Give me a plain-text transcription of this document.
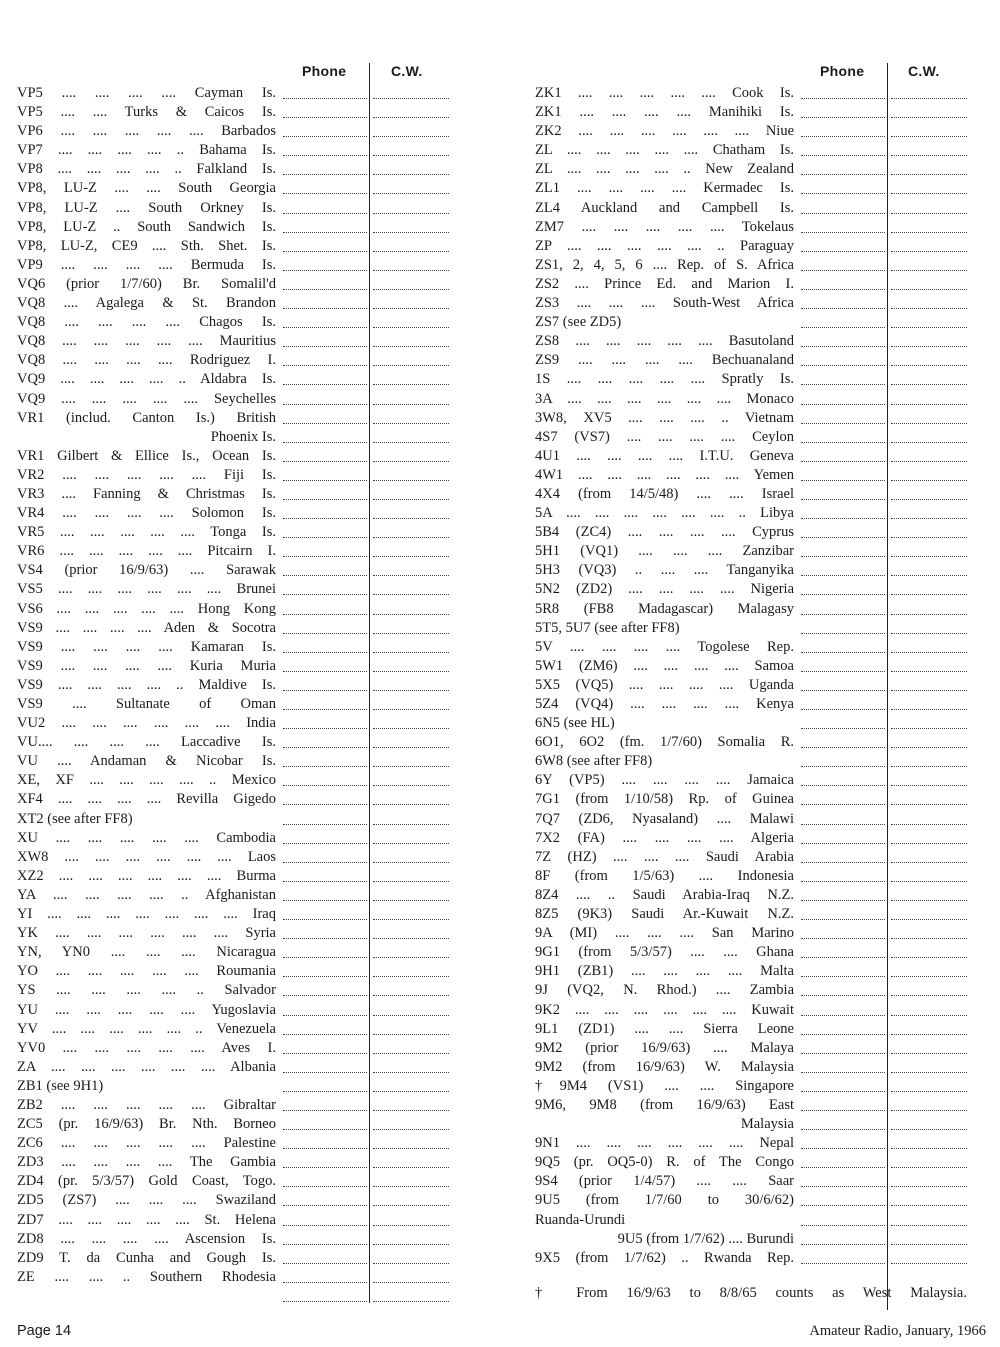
Phone	C.W.
VP5 .... .... .... .... Cayman Is.
VP5 .... .... Turks & Caicos Is.
VP6 .... .... .... .... .... Barbados
VP7 .... .... .... .... .. Bahama Is.
VP8 .... .... .... .... .. Falkland Is.
VP8, LU-Z .... .... South Georgia
VP8, LU-Z .... South Orkney Is.
VP8, LU-Z .. South Sandwich Is.
VP8, LU-Z, CE9 .... Sth. Shet. Is.
VP9 .... .... .... .... Bermuda Is.
VQ6 (prior 1/7/60) Br. Somalil'd
VQ8 .... Agalega & St. Brandon
VQ8 .... .... .... .... Chagos Is.
VQ8 .... .... .... .... .... Mauritius
VQ8 .... .... .... .... Rodriguez I.
VQ9 .... .... .... .... .. Aldabra Is.
VQ9 .... .... .... .... .... Seychelles
VR1 (includ. Canton Is.) British
Phoenix Is.
VR1 Gilbert & Ellice Is., Ocean Is.
VR2 .... .... .... .... .... Fiji Is.
VR3 .... Fanning & Christmas Is.
VR4 .... .... .... .... Solomon Is.
VR5 .... .... .... .... .... Tonga Is.
VR6 .... .... .... .... .... Pitcairn I.
VS4 (prior 16/9/63) .... Sarawak
VS5 .... .... .... .... .... .... Brunei
VS6 .... .... .... .... .... Hong Kong
VS9 .... .... .... .... Aden & Socotra
VS9 .... .... .... .... Kamaran Is.
VS9 .... .... .... .... Kuria Muria
VS9 .... .... .... .... .. Maldive Is.
VS9 .... Sultanate of Oman
VU2 .... .... .... .... .... .... India
VU.... .... .... .... Laccadive Is.
VU .... Andaman & Nicobar Is.
XE, XF .... .... .... .... .. Mexico
XF4 .... .... .... .... Revilla Gigedo
XT2 (see after FF8)
XU .... .... .... .... .... Cambodia
XW8 .... .... .... .... .... .... Laos
XZ2 .... .... .... .... .... .... Burma
YA .... .... .... .... .. Afghanistan
YI .... .... .... .... .... .... .... Iraq
YK .... .... .... .... .... .... Syria
YN, YN0 .... .... .... Nicaragua
YO .... .... .... .... .... Roumania
YS .... .... .... .... .. Salvador
YU .... .... .... .... .... Yugoslavia
YV .... .... .... .... .... .. Venezuela
YV0 .... .... .... .... .... Aves I.
ZA .... .... .... .... .... .... Albania
ZB1 (see 9H1)
ZB2 .... .... .... .... .... Gibraltar
ZC5 (pr. 16/9/63) Br. Nth. Borneo
ZC6 .... .... .... .... .... Palestine
ZD3 .... .... .... .... The Gambia
ZD4 (pr. 5/3/57) Gold Coast, Togo.
ZD5 (ZS7) .... .... .... Swaziland
ZD7 .... .... .... .... .... St. Helena
ZD8 .... .... .... .... Ascension Is.
ZD9 T. da Cunha and Gough Is.
ZE .... .... .. Southern Rhodesia
Phone	C.W.
ZK1 .... .... .... .... .... Cook Is.
ZK1 .... .... .... .... Manihiki Is.
ZK2 .... .... .... .... .... .... Niue
ZL .... .... .... .... .... Chatham Is.
ZL .... .... .... .... .. New Zealand
ZL1 .... .... .... .... Kermadec Is.
ZL4 Auckland and Campbell Is.
ZM7 .... .... .... .... .... Tokelaus
ZP .... .... .... .... .... .. Paraguay
ZS1, 2, 4, 5, 6 .... Rep. of S. Africa
ZS2 .... Prince Ed. and Marion I.
ZS3 .... .... .... South-West Africa
ZS7 (see ZD5)
ZS8 .... .... .... .... .... Basutoland
ZS9 .... .... .... .... Bechuanaland
1S .... .... .... .... .... Spratly Is.
3A .... .... .... .... .... .... Monaco
3W8, XV5 .... .... .... .. Vietnam
4S7 (VS7) .... .... .... .... Ceylon
4U1 .... .... .... .... I.T.U. Geneva
4W1 .... .... .... .... .... .... Yemen
4X4 (from 14/5/48) .... .... Israel
5A .... .... .... .... .... .... .. Libya
5B4 (ZC4) .... .... .... .... Cyprus
5H1 (VQ1) .... .... .... Zanzibar
5H3 (VQ3) .. .... .... Tanganyika
5N2 (ZD2) .... .... .... .... Nigeria
5R8 (FB8 Madagascar) Malagasy
5T5, 5U7 (see after FF8)
5V .... .... .... .... Togolese Rep.
5W1 (ZM6) .... .... .... .... Samoa
5X5 (VQ5) .... .... .... .... Uganda
5Z4 (VQ4) .... .... .... .... Kenya
6N5 (see HL)
6O1, 6O2 (fm. 1/7/60) Somalia R.
6W8 (see after FF8)
6Y (VP5) .... .... .... .... Jamaica
7G1 (from 1/10/58) Rp. of Guinea
7Q7 (ZD6, Nyasaland) .... Malawi
7X2 (FA) .... .... .... .... Algeria
7Z (HZ) .... .... .... Saudi Arabia
8F (from 1/5/63) .... Indonesia
8Z4 .... .. Saudi Arabia-Iraq N.Z.
8Z5 (9K3) Saudi Ar.-Kuwait N.Z.
9A (MI) .... .... .... San Marino
9G1 (from 5/3/57) .... .... Ghana
9H1 (ZB1) .... .... .... .... Malta
9J (VQ2, N. Rhod.) .... Zambia
9K2 .... .... .... .... .... .... Kuwait
9L1 (ZD1) .... .... Sierra Leone
9M2 (prior 16/9/63) .... Malaya
9M2 (from 16/9/63) W. Malaysia
†9M4 (VS1) .... .... Singapore
9M6, 9M8 (from 16/9/63) East
Malaysia
9N1 .... .... .... .... .... .... Nepal
9Q5 (pr. OQ5-0) R. of The Congo
9S4 (prior 1/4/57) .... .... Saar
9U5 (from 1/7/60 to 30/6/62)
Ruanda-Urundi
9U5 (from 1/7/62) .... Burundi
9X5 (from 1/7/62) .. Rwanda Rep.
† From 16/9/63 to 8/8/65 counts as West Malaysia.
Page 14	Amateur Radio, January, 1966
